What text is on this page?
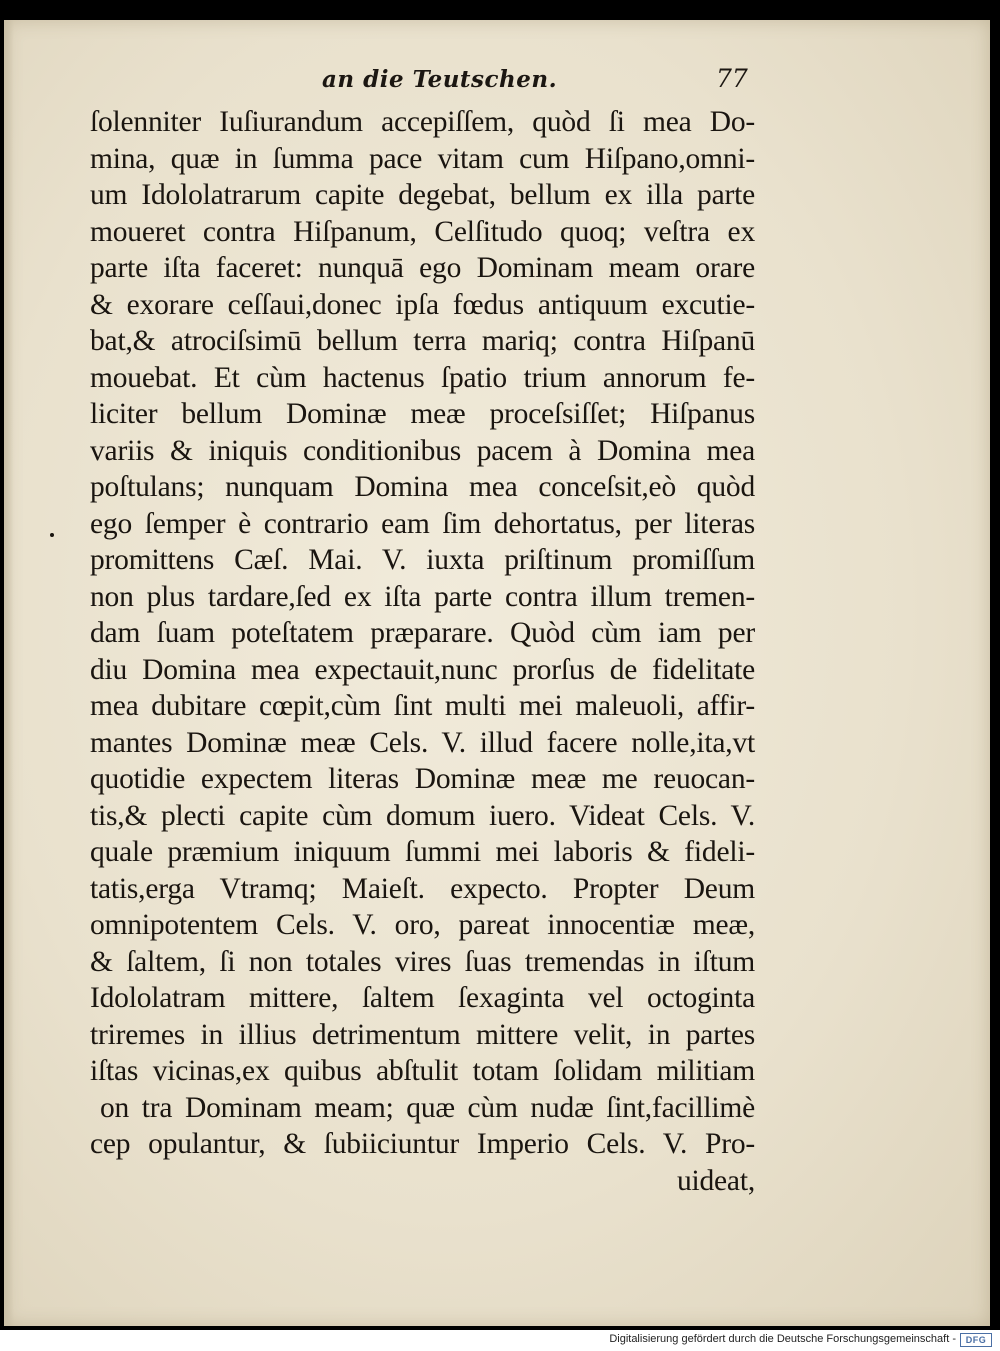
an die Teutschen.	77
ſolenniter Iuſiurandum accepiſſem, quòd ſi mea Do-
mina, quæ in ſumma pace vitam cum Hiſpano,omni-
um Idololatrarum capite degebat, bellum ex illa parte
moueret contra Hiſpanum, Celſitudo quoq; veſtra ex
parte iſta faceret: nunquā ego Dominam meam orare
& exorare ceſſaui,donec ipſa fœdus antiquum excutie-
bat,& atrociſsimū bellum terra mariq; contra Hiſpanū
mouebat. Et cùm hactenus ſpatio trium annorum fe-
liciter bellum Dominæ meæ proceſsiſſet; Hiſpanus
variis & iniquis conditionibus pacem à Domina mea
poſtulans; nunquam Domina mea conceſsit,eò quòd
ego ſemper è contrario eam ſim dehortatus, per literas
promittens Cæſ. Mai. V. iuxta priſtinum promiſſum
non plus tardare,ſed ex iſta parte contra illum tremen-
dam ſuam poteſtatem præparare. Quòd cùm iam per
diu Domina mea expectauit,nunc prorſus de fidelitate
mea dubitare cœpit,cùm ſint multi mei maleuoli, affir-
mantes Dominæ meæ Cels. V. illud facere nolle,ita,vt
quotidie expectem literas Dominæ meæ me reuocan-
tis,& plecti capite cùm domum iuero. Videat Cels. V.
quale præmium iniquum ſummi mei laboris & fideli-
tatis,erga Vtramq; Maieſt. expecto. Propter Deum
omnipotentem Cels. V. oro, pareat innocentiæ meæ,
& ſaltem, ſi non totales vires ſuas tremendas in iſtum
Idololatram mittere, ſaltem ſexaginta vel octoginta
triremes in illius detrimentum mittere velit, in partes
iſtas vicinas,ex quibus abſtulit totam ſolidam militiam
on tra Dominam meam; quæ cùm nudæ ſint,facillimè
cep opulantur, & ſubiiciuntur Imperio Cels. V. Pro-
uideat,
Digitalisierung gefördert durch die Deutsche Forschungsgemeinschaft -	DFG
